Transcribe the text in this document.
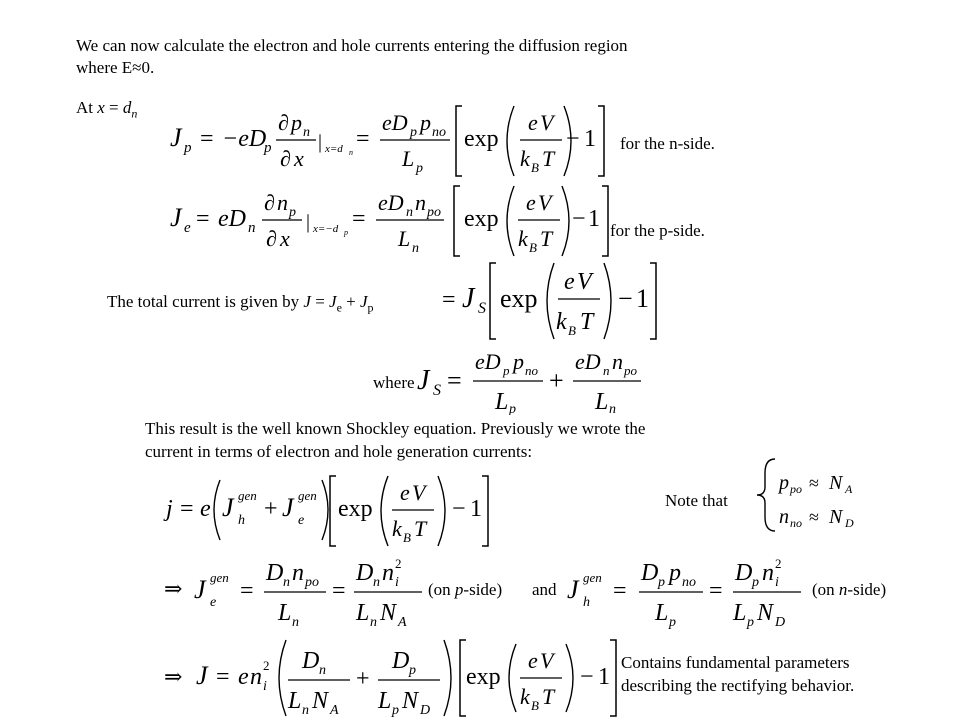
We can now calculate the electron and hole currents entering the diffusion region
where E≈0.
At $x = d_n$
J p = −eD
p
∂ p n
∂ x
| x=d n
=
eD p p no
L p
exp
e V
k B T
− 1 for the n-side.
J e = eD n
∂ n p
∂ x
| x=−d p
=
eD n n po
L n
exp
e V
k B T
− 1 for the p-side.
The total current is given by $J = J_e + J_p$	= J S exp
e V
k B T
− 1
where J S =
eD p p no
L p
+
eD n n po
L n
This result is the well known Shockley equation. Previously we wrote the
current in terms of electron and hole generation currents:
j = e J gen
h + J gen
e exp
e V
k B T
− 1	Note that
p po ≈ N A
n no ≈ N D
⇒ J gen
e =
D n n po
L n
=
D n n 2
i
L n N A
(on p-side) and J gen
h =
D p p no
L p
=
D p n 2
i
L p N D
(on n-side)
⇒ J = e n 2
i
D n
L n N A
+
D p
L p N D
exp
e V
k B T
− 1
Contains fundamental parameters
describing the rectifying behavior.
